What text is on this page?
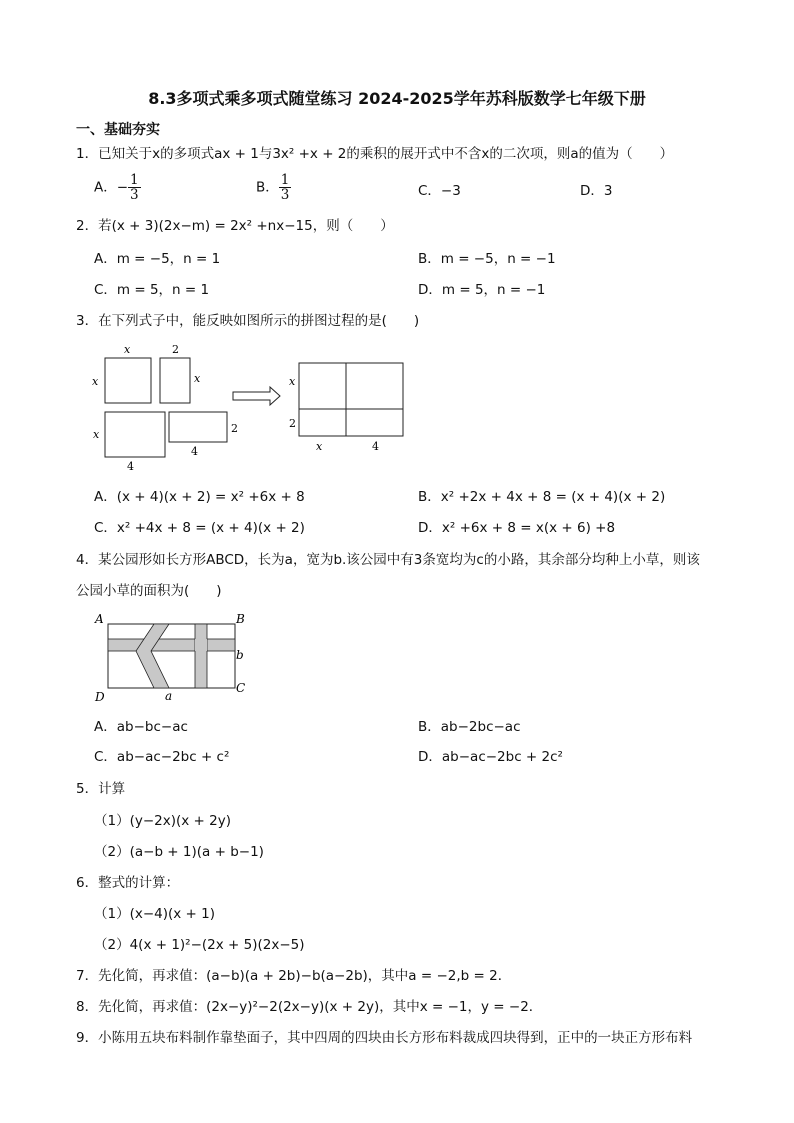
8.3多项式乘多项式随堂练习 2024-2025学年苏科版数学七年级下册
一、基础夯实
1．已知关于x的多项式ax + 1与3x² +x + 2的乘积的展开式中不含x的二次项，则a的值为（　　）
A．− $\frac{1}{3}$	B． $\frac{1}{3}$	C．−3	D．3
2．若(x + 3)(2x−m) = 2x² +nx−15，则（　　）
A．m = −5，n = 1	B．m = −5，n = −1
C．m = 5，n = 1	D．m = 5，n = −1
3．在下列式子中，能反映如图所示的拼图过程的是(　　)
x
x
2
x
x
4
2
4
x
2
x	4
A．(x + 4)(x + 2) = x² +6x + 8	B．x² +2x + 4x + 8 = (x + 4)(x + 2)
C．x² +4x + 8 = (x + 4)(x + 2)	D．x² +6x + 8 = x(x + 6) +8
4．某公园形如长方形ABCD，长为a，宽为b.该公园中有3条宽均为c的小路，其余部分均种上小草，则该
公园小草的面积为(　　)
A	B
C
D
b
a
A．ab−bc−ac	B．ab−2bc−ac
C．ab−ac−2bc + c²	D．ab−ac−2bc + 2c²
5．计算
（1）(y−2x)(x + 2y)
（2）(a−b + 1)(a + b−1)
6．整式的计算：
（1）(x−4)(x + 1)
（2）4(x + 1)²−(2x + 5)(2x−5)
7．先化简，再求值：(a−b)(a + 2b)−b(a−2b)，其中a = −2,b = 2．
8．先化简，再求值：(2x−y)²−2(2x−y)(x + 2y)，其中x = −1，y = −2．
9．小陈用五块布料制作靠垫面子，其中四周的四块由长方形布料裁成四块得到，正中的一块正方形布料
